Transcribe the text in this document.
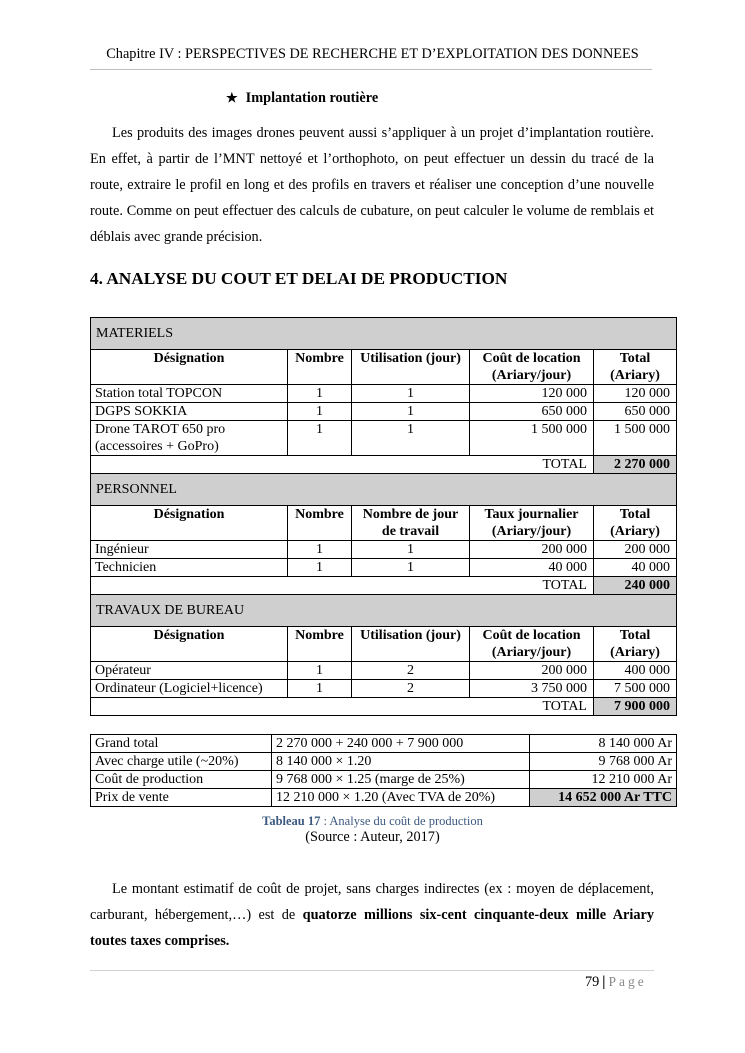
Chapitre IV : PERSPECTIVES DE RECHERCHE ET D’EXPLOITATION DES DONNEES
★ Implantation routière
Les produits des images drones peuvent aussi s’appliquer à un projet d’implantation routière. En effet, à partir de l’MNT nettoyé et l’orthophoto, on peut effectuer un dessin du tracé de la route, extraire le profil en long et des profils en travers et réaliser une conception d’une nouvelle route. Comme on peut effectuer des calculs de cubature, on peut calculer le volume de remblais et déblais avec grande précision.
4. ANALYSE DU COUT ET DELAI DE PRODUCTION
MATERIELS				
Désignation	Nombre	Utilisation (jour)	Coût de location (Ariary/jour)	Total (Ariary)
Station total TOPCON	1	1	120 000	120 000
DGPS SOKKIA	1	1	650 000	650 000
Drone TAROT 650 pro (accessoires + GoPro)	1	1	1 500 000	1 500 000
			TOTAL	2 270 000
PERSONNEL				
Désignation	Nombre	Nombre de jour de travail	Taux journalier (Ariary/jour)	Total (Ariary)
Ingénieur	1	1	200 000	200 000
Technicien	1	1	40 000	40 000
			TOTAL	240 000
TRAVAUX DE BUREAU				
Désignation	Nombre	Utilisation (jour)	Coût de location (Ariary/jour)	Total (Ariary)
Opérateur	1	2	200 000	400 000
Ordinateur (Logiciel+licence)	1	2	3 750 000	7 500 000
			TOTAL	7 900 000
Grand total	2 270 000 + 240 000 + 7 900 000	8 140 000 Ar
Avec charge utile (~20%)	8 140 000 × 1.20	9 768 000 Ar
Coût de production	9 768 000 × 1.25 (marge de 25%)	12 210 000 Ar
Prix de vente	12 210 000 × 1.20 (Avec TVA de 20%)	14 652 000 Ar TTC
Tableau 17 : Analyse du coût de production
(Source : Auteur, 2017)
Le montant estimatif de coût de projet, sans charges indirectes (ex : moyen de déplacement, carburant, hébergement,…) est de quatorze millions six-cent cinquante-deux mille Ariary toutes taxes comprises.
79 | Page
